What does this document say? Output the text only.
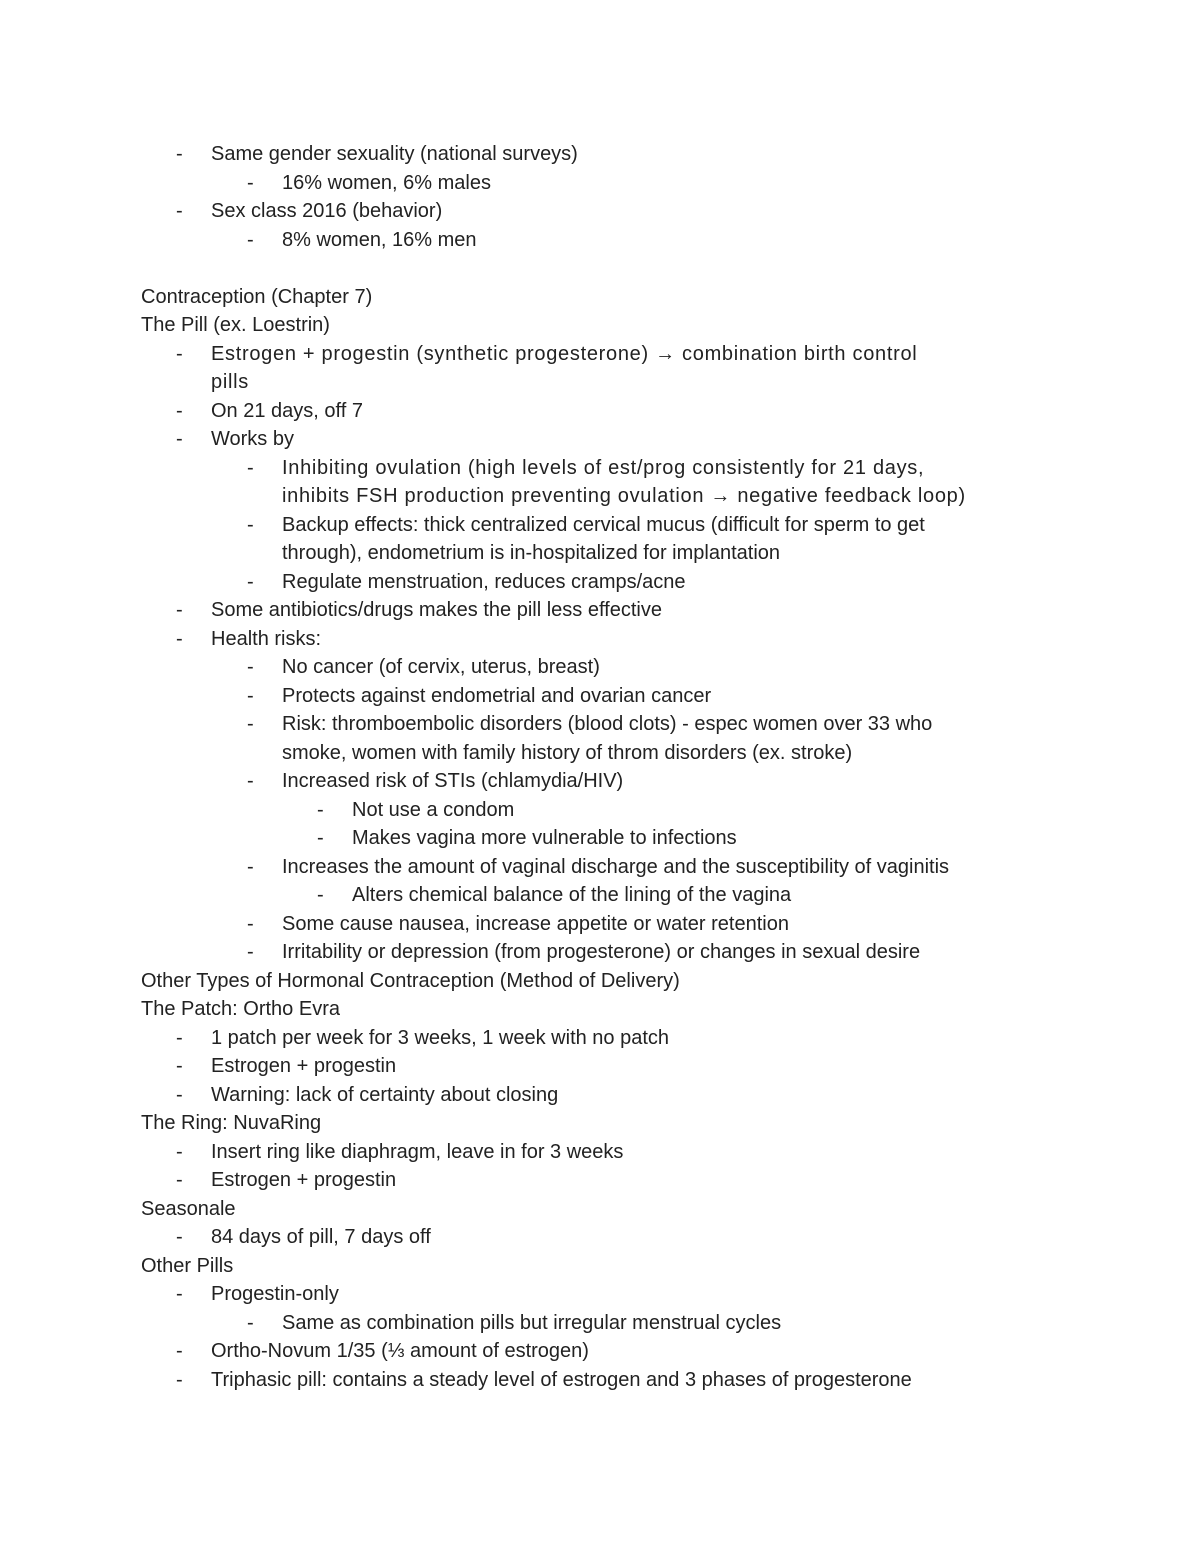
- Same gender sexuality (national surveys)
- 16% women, 6% males
- Sex class 2016 (behavior)
- 8% women, 16% men
Contraception (Chapter 7)
The Pill (ex. Loestrin)
- Estrogen + progestin (synthetic progesterone) → combination birth control
pills
- On 21 days, off 7
- Works by
- Inhibiting ovulation (high levels of est/prog consistently for 21 days,
inhibits FSH production preventing ovulation → negative feedback loop)
- Backup effects: thick centralized cervical mucus (difficult for sperm to get
through), endometrium is in-hospitalized for implantation
- Regulate menstruation, reduces cramps/acne
- Some antibiotics/drugs makes the pill less effective
- Health risks:
- No cancer (of cervix, uterus, breast)
- Protects against endometrial and ovarian cancer
- Risk: thromboembolic disorders (blood clots) - espec women over 33 who
smoke, women with family history of throm disorders (ex. stroke)
- Increased risk of STIs (chlamydia/HIV)
- Not use a condom
- Makes vagina more vulnerable to infections
- Increases the amount of vaginal discharge and the susceptibility of vaginitis
- Alters chemical balance of the lining of the vagina
- Some cause nausea, increase appetite or water retention
- Irritability or depression (from progesterone) or changes in sexual desire
Other Types of Hormonal Contraception (Method of Delivery)
The Patch: Ortho Evra
- 1 patch per week for 3 weeks, 1 week with no patch
- Estrogen + progestin
- Warning: lack of certainty about closing
The Ring: NuvaRing
- Insert ring like diaphragm, leave in for 3 weeks
- Estrogen + progestin
Seasonale
- 84 days of pill, 7 days off
Other Pills
- Progestin-only
- Same as combination pills but irregular menstrual cycles
- Ortho-Novum 1/35 (⅓ amount of estrogen)
- Triphasic pill: contains a steady level of estrogen and 3 phases of progesterone
